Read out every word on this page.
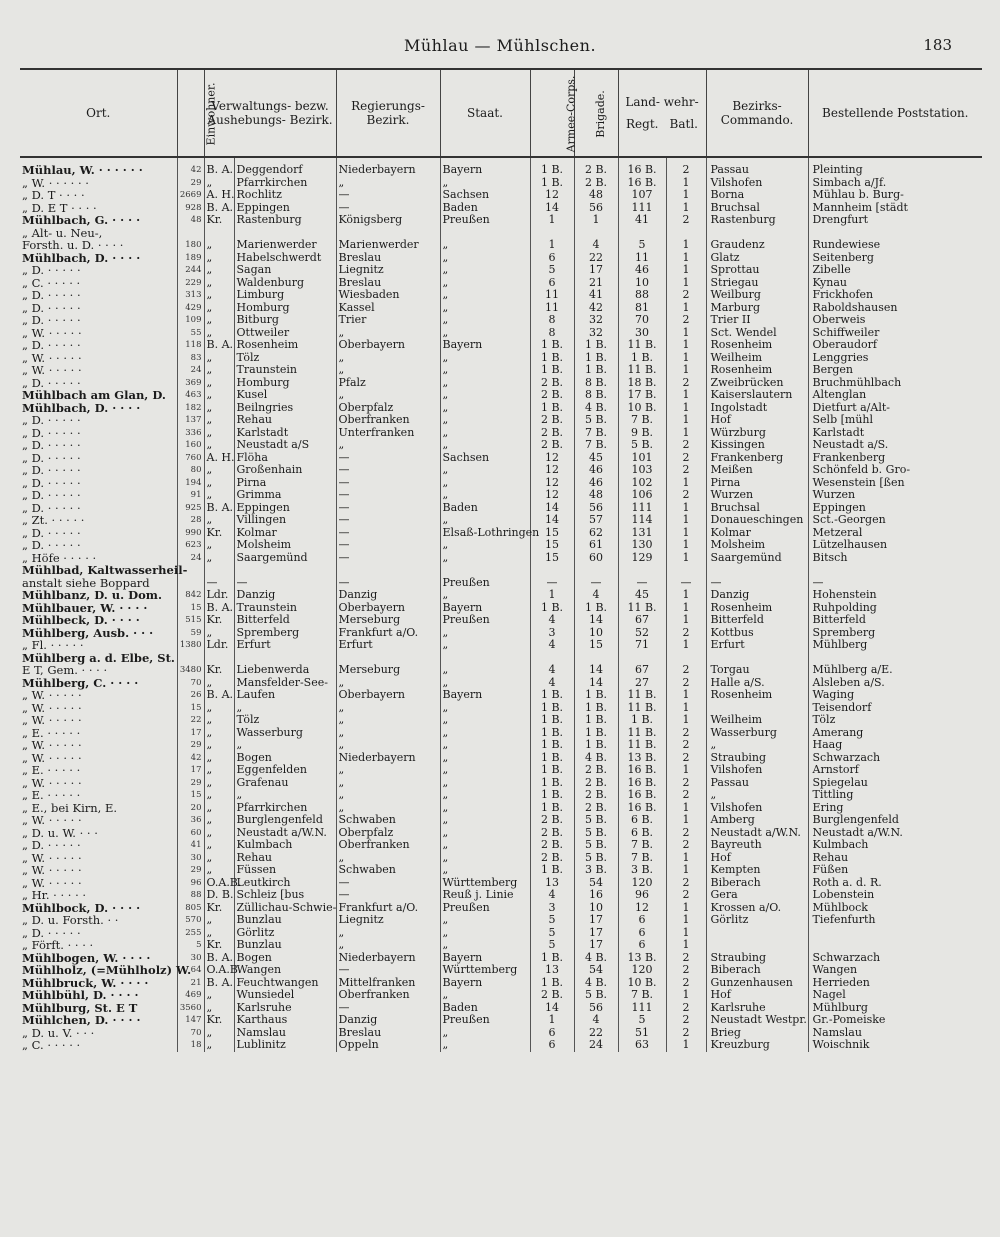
Mühlau — Mühlschen.	183
Ort.	Einwohner.	Verwaltungs- bezw. Aushebungs- Bezirk.		Regierungs- Bezirk.	Staat.	Armee-Corps.	Brigade.	Land- wehr-
Regt. Batl.		Bezirks- Commando.	Bestellende Poststation.
Mühlau, W. · · · · · ·	42	B. A.	Deggendorf	Niederbayern	Bayern	1 B.	2 B.	16 B.	2	Passau	Pleinting
„ W. · · · · · ·	29	„	Pfarrkirchen	„	„	1 B.	2 B.	16 B.	1	Vilshofen	Simbach a/Jf.
„ D. T · · · ·	2669	A. H.	Rochlitz	—	Sachsen	12	48	107	1	Borna	Mühlau b. Burg-
„ D. E T · · · ·	928	B. A.	Eppingen	—	Baden	14	56	111	1	Bruchsal	Mannheim [städt
Mühlbach, G. · · · ·	48	Kr.	Rastenburg	Königsberg	Preußen	1	1	41	2	Rastenburg	Drengfurt
„ Alt- u. Neu-,											
Forsth. u. D. · · · ·	180	„	Marienwerder	Marienwerder	„	1	4	5	1	Graudenz	Rundewiese
Mühlbach, D. · · · ·	189	„	Habelschwerdt	Breslau	„	6	22	11	1	Glatz	Seitenberg
„ D. · · · · ·	244	„	Sagan	Liegnitz	„	5	17	46	1	Sprottau	Zibelle
„ C. · · · · ·	229	„	Waldenburg	Breslau	„	6	21	10	1	Striegau	Kynau
„ D. · · · · ·	313	„	Limburg	Wiesbaden	„	11	41	88	2	Weilburg	Frickhofen
„ D. · · · · ·	429	„	Homburg	Kassel	„	11	42	81	1	Marburg	Raboldshausen
„ D. · · · · ·	109	„	Bitburg	Trier	„	8	32	70	2	Trier II	Oberweis
„ W. · · · · ·	55	„	Ottweiler	„	„	8	32	30	1	Sct. Wendel	Schiffweiler
„ D. · · · · ·	118	B. A.	Rosenheim	Oberbayern	Bayern	1 B.	1 B.	11 B.	1	Rosenheim	Oberaudorf
„ W. · · · · ·	83	„	Tölz	„	„	1 B.	1 B.	1 B.	1	Weilheim	Lenggries
„ W. · · · · ·	24	„	Traunstein	„	„	1 B.	1 B.	11 B.	1	Rosenheim	Bergen
„ D. · · · · ·	369	„	Homburg	Pfalz	„	2 B.	8 B.	18 B.	2	Zweibrücken	Bruchmühlbach
Mühlbach am Glan, D.	463	„	Kusel	„	„	2 B.	8 B.	17 B.	1	Kaiserslautern	Altenglan
Mühlbach, D. · · · ·	182	„	Beilngries	Oberpfalz	„	1 B.	4 B.	10 B.	1	Ingolstadt	Dietfurt a/Alt-
„ D. · · · · ·	137	„	Rehau	Oberfranken	„	2 B.	5 B.	7 B.	1	Hof	Selb [mühl
„ D. · · · · ·	336	„	Karlstadt	Unterfranken	„	2 B.	7 B.	9 B.	1	Würzburg	Karlstadt
„ D. · · · · ·	160	„	Neustadt a/S	„	„	2 B.	7 B.	5 B.	2	Kissingen	Neustadt a/S.
„ D. · · · · ·	760	A. H.	Flöha	—	Sachsen	12	45	101	2	Frankenberg	Frankenberg
„ D. · · · · ·	80	„	Großenhain	—	„	12	46	103	2	Meißen	Schönfeld b. Gro-
„ D. · · · · ·	194	„	Pirna	—	„	12	46	102	1	Pirna	Wesenstein [ßen
„ D. · · · · ·	91	„	Grimma	—	„	12	48	106	2	Wurzen	Wurzen
„ D. · · · · ·	925	B. A.	Eppingen	—	Baden	14	56	111	1	Bruchsal	Eppingen
„ Zt. · · · · ·	28	„	Villingen	—	„	14	57	114	1	Donaueschingen	Sct.-Georgen
„ D. · · · · ·	990	Kr.	Kolmar	—	Elsaß-Lothringen	15	62	131	1	Kolmar	Metzeral
„ D. · · · · ·	623	„	Molsheim	—	„	15	61	130	1	Molsheim	Lützelhausen
„ Höfe · · · · ·	24	„	Saargemünd	—	„	15	60	129	1	Saargemünd	Bitsch
Mühlbad, Kaltwasserheil-											
anstalt siehe Boppard		—	—	—	Preußen	—	—	—	—	—	—
Mühlbanz, D. u. Dom.	842	Ldr.	Danzig	Danzig	„	1	4	45	1	Danzig	Hohenstein
Mühlbauer, W. · · · ·	15	B. A.	Traunstein	Oberbayern	Bayern	1 B.	1 B.	11 B.	1	Rosenheim	Ruhpolding
Mühlbeck, D. · · · ·	515	Kr.	Bitterfeld	Merseburg	Preußen	4	14	67	1	Bitterfeld	Bitterfeld
Mühlberg, Ausb. · · ·	59	„	Spremberg	Frankfurt a/O.	„	3	10	52	2	Kottbus	Spremberg
„ Fl. · · · · ·	1380	Ldr.	Erfurt	Erfurt	„	4	15	71	1	Erfurt	Mühlberg
Mühlberg a. d. Elbe, St.											
E T, Gem. · · · ·	3480	Kr.	Liebenwerda	Merseburg	„	4	14	67	2	Torgau	Mühlberg a/E.
Mühlberg, C. · · · ·	70	„	Mansfelder-See-	„	„	4	14	27	2	Halle a/S.	Alsleben a/S.
„ W. · · · · ·	26	B. A.	Laufen	Oberbayern	Bayern	1 B.	1 B.	11 B.	1	Rosenheim	Waging
„ W. · · · · ·	15	„	„	„	„	1 B.	1 B.	11 B.	1		Teisendorf
„ W. · · · · ·	22	„	Tölz	„	„	1 B.	1 B.	1 B.	1	Weilheim	Tölz
„ E. · · · · ·	17	„	Wasserburg	„	„	1 B.	1 B.	11 B.	2	Wasserburg	Amerang
„ W. · · · · ·	29	„	„	„	„	1 B.	1 B.	11 B.	2	„	Haag
„ W. · · · · ·	42	„	Bogen	Niederbayern	„	1 B.	4 B.	13 B.	2	Straubing	Schwarzach
„ E. · · · · ·	17	„	Eggenfelden	„	„	1 B.	2 B.	16 B.	1	Vilshofen	Arnstorf
„ W. · · · · ·	29	„	Grafenau	„	„	1 B.	2 B.	16 B.	2	Passau	Spiegelau
„ E. · · · · ·	15	„	„	„	„	1 B.	2 B.	16 B.	2	„	Tittling
„ E., bei Kirn, E.	20	„	Pfarrkirchen	„	„	1 B.	2 B.	16 B.	1	Vilshofen	Ering
„ W. · · · · ·	36	„	Burglengenfeld	Schwaben	„	2 B.	5 B.	6 B.	1	Amberg	Burglengenfeld
„ D. u. W. · · ·	60	„	Neustadt a/W.N.	Oberpfalz	„	2 B.	5 B.	6 B.	2	Neustadt a/W.N.	Neustadt a/W.N.
„ D. · · · · ·	41	„	Kulmbach	Oberfranken	„	2 B.	5 B.	7 B.	2	Bayreuth	Kulmbach
„ W. · · · · ·	30	„	Rehau	„	„	2 B.	5 B.	7 B.	1	Hof	Rehau
„ W. · · · · ·	29	„	Füssen	Schwaben	„	1 B.	3 B.	3 B.	1	Kempten	Füßen
„ W. · · · · ·	96	O.A.B.	Leutkirch	—	Württemberg	13	54	120	2	Biberach	Roth a. d. R.
„ Hr. · · · · ·	88	D. B.	Schleiz [bus	—	Reuß j. Linie	4	16	96	2	Gera	Lobenstein
Mühlbock, D. · · · ·	805	Kr.	Züllichau-Schwie-	Frankfurt a/O.	Preußen	3	10	12	1	Krossen a/O.	Mühlbock
„ D. u. Forsth. · ·	570	„	Bunzlau	Liegnitz	„	5	17	6	1	Görlitz	Tiefenfurth
„ D. · · · · ·	255	„	Görlitz	„	„	5	17	6	1		
„ Förft. · · · ·	5	Kr.	Bunzlau	„	„	5	17	6	1		
Mühlbogen, W. · · · ·	30	B. A.	Bogen	Niederbayern	Bayern	1 B.	4 B.	13 B.	2	Straubing	Schwarzach
Mühlholz, (=Mühlholz) W.	64	O.A.B.	Wangen	—	Württemberg	13	54	120	2	Biberach	Wangen
Mühlbruck, W. · · · ·	21	B. A.	Feuchtwangen	Mittelfranken	Bayern	1 B.	4 B.	10 B.	2	Gunzenhausen	Herrieden
Mühlbühl, D. · · · ·	469	„	Wunsiedel	Oberfranken	„	2 B.	5 B.	7 B.	1	Hof	Nagel
Mühlburg, St. E T	3560	„	Karlsruhe	—	Baden	14	56	111	2	Karlsruhe	Mühlburg
Mühlchen, D. · · · ·	147	Kr.	Karthaus	Danzig	Preußen	1	4	5	2	Neustadt Westpr.	Gr.-Pomeiske
„ D. u. V. · · ·	70	„	Namslau	Breslau	„	6	22	51	2	Brieg	Namslau
„ C. · · · · ·	18	„	Lublinitz	Oppeln	„	6	24	63	1	Kreuzburg	Woischnik
